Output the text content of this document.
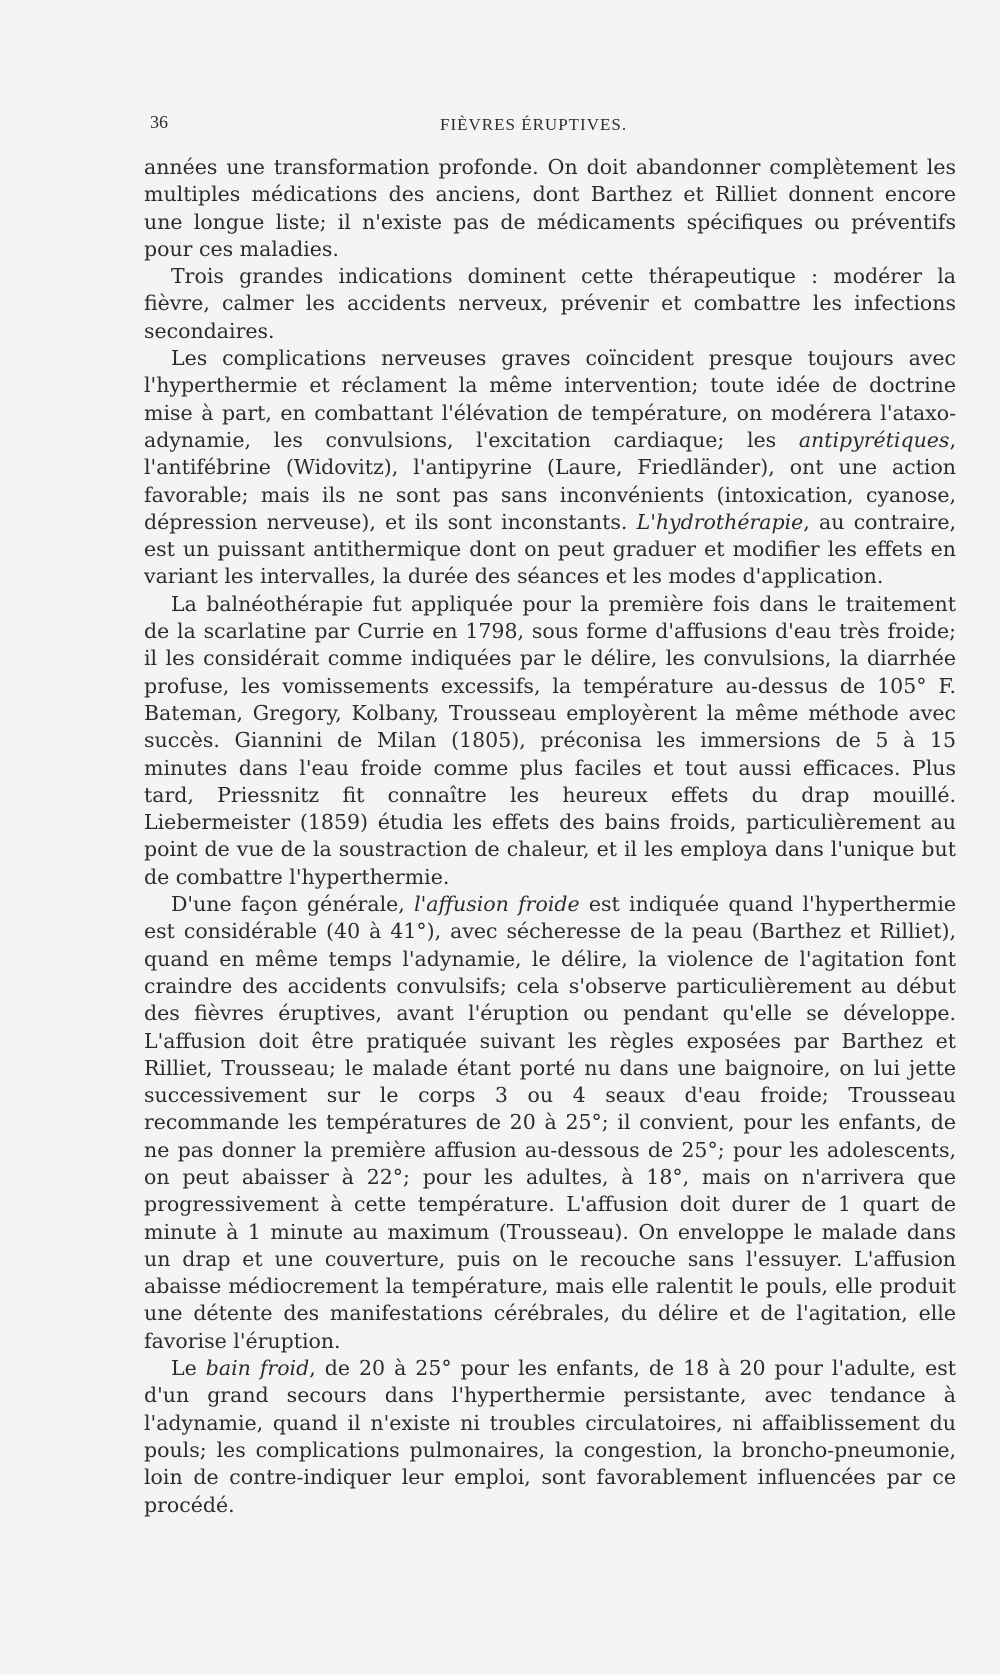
36	FIÈVRES ÉRUPTIVES.

années une transformation profonde. On doit abandonner complètement les multiples médications des anciens, dont Barthez et Rilliet donnent encore une longue liste; il n'existe pas de médicaments spécifiques ou préventifs pour ces maladies.

Trois grandes indications dominent cette thérapeutique : modérer la fièvre, calmer les accidents nerveux, prévenir et combattre les infections secondaires.

Les complications nerveuses graves coïncident presque toujours avec l'hyperthermie et réclament la même intervention; toute idée de doctrine mise à part, en combattant l'élévation de température, on modérera l'ataxo-adynamie, les convulsions, l'excitation cardiaque; les antipyrétiques, l'antifébrine (Widovitz), l'antipyrine (Laure, Friedländer), ont une action favorable; mais ils ne sont pas sans inconvénients (intoxication, cyanose, dépression nerveuse), et ils sont inconstants. L'hydrothérapie, au contraire, est un puissant antithermique dont on peut graduer et modifier les effets en variant les intervalles, la durée des séances et les modes d'application.

La balnéothérapie fut appliquée pour la première fois dans le traitement de la scarlatine par Currie en 1798, sous forme d'affusions d'eau très froide; il les considérait comme indiquées par le délire, les convulsions, la diarrhée profuse, les vomissements excessifs, la température au-dessus de 105° F. Bateman, Gregory, Kolbany, Trousseau employèrent la même méthode avec succès. Giannini de Milan (1805), préconisa les immersions de 5 à 15 minutes dans l'eau froide comme plus faciles et tout aussi efficaces. Plus tard, Priessnitz fit connaître les heureux effets du drap mouillé. Liebermeister (1859) étudia les effets des bains froids, particulièrement au point de vue de la soustraction de chaleur, et il les employa dans l'unique but de combattre l'hyperthermie.

D'une façon générale, l'affusion froide est indiquée quand l'hyperthermie est considérable (40 à 41°), avec sécheresse de la peau (Barthez et Rilliet), quand en même temps l'adynamie, le délire, la violence de l'agitation font craindre des accidents convulsifs; cela s'observe particulièrement au début des fièvres éruptives, avant l'éruption ou pendant qu'elle se développe. L'affusion doit être pratiquée suivant les règles exposées par Barthez et Rilliet, Trousseau; le malade étant porté nu dans une baignoire, on lui jette successivement sur le corps 3 ou 4 seaux d'eau froide; Trousseau recommande les températures de 20 à 25°; il convient, pour les enfants, de ne pas donner la première affusion au-dessous de 25°; pour les adolescents, on peut abaisser à 22°; pour les adultes, à 18°, mais on n'arrivera que progressivement à cette température. L'affusion doit durer de 1 quart de minute à 1 minute au maximum (Trousseau). On enveloppe le malade dans un drap et une couverture, puis on le recouche sans l'essuyer. L'affusion abaisse médiocrement la température, mais elle ralentit le pouls, elle produit une détente des manifestations cérébrales, du délire et de l'agitation, elle favorise l'éruption.

Le bain froid, de 20 à 25° pour les enfants, de 18 à 20 pour l'adulte, est d'un grand secours dans l'hyperthermie persistante, avec tendance à l'adynamie, quand il n'existe ni troubles circulatoires, ni affaiblissement du pouls; les complications pulmonaires, la congestion, la broncho-pneumonie, loin de contre-indiquer leur emploi, sont favorablement influencées par ce procédé.
